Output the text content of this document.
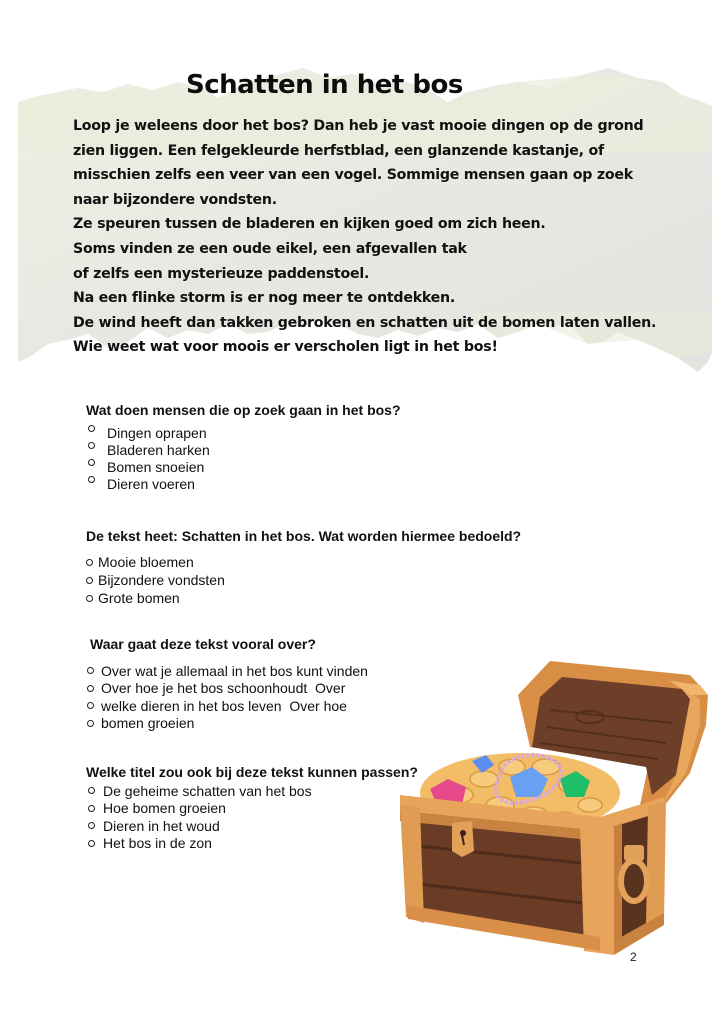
Schatten in het bos
Loop je weleens door het bos? Dan heb je vast mooie dingen op de grond
zien liggen. Een felgekleurde herfstblad, een glanzende kastanje, of
misschien zelfs een veer van een vogel. Sommige mensen gaan op zoek
naar bijzondere vondsten.
Ze speuren tussen de bladeren en kijken goed om zich heen.
Soms vinden ze een oude eikel, een afgevallen tak
of zelfs een mysterieuze paddenstoel.
Na een flinke storm is er nog meer te ontdekken.
De wind heeft dan takken gebroken en schatten uit de bomen laten vallen.
Wie weet wat voor moois er verscholen ligt in het bos!
Wat doen mensen die op zoek gaan in het bos?
Dingen oprapen
Bladeren harken
Bomen snoeien
Dieren voeren
De tekst heet: Schatten in het bos. Wat worden hiermee bedoeld?
Mooie bloemen
Bijzondere vondsten
Grote bomen
Waar gaat deze tekst vooral over?
Over wat je allemaal in het bos kunt vinden
Over hoe je het bos schoonhoudt  Over
welke dieren in het bos leven  Over hoe
bomen groeien
Welke titel zou ook bij deze tekst kunnen passen?
De geheime schatten van het bos
Hoe bomen groeien
Dieren in het woud
Het bos in de zon
2
